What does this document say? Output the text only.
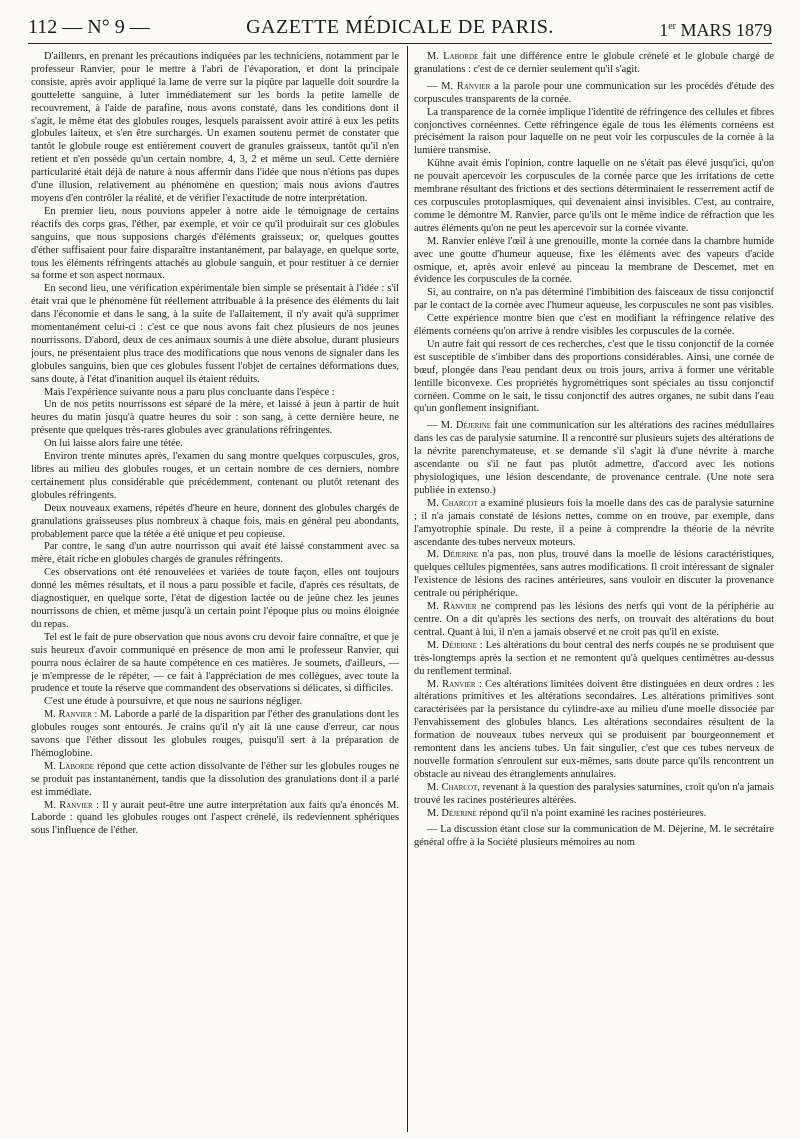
112 — N° 9 —	GAZETTE MÉDICALE DE PARIS.	1er MARS 1879

D'ailleurs, en prenant les précautions indiquées par les techniciens, notamment par le professeur Ranvier, pour le mettre à l'abri de l'évaporation, et dont la principale consiste, après avoir appliqué la lame de verre sur la piqûre par laquelle doit sourdre la gouttelette sanguine, à luter immédiatement sur les bords la petite lamelle de recouvrement, à l'aide de parafine, nous avons constaté, dans les conditions dont il s'agit, le même état des globules rouges, lesquels paraissent avoir attiré à eux les petits globules laiteux, et s'en être surchargés. Un examen soutenu permet de constater que tantôt le globule rouge est entièrement couvert de granules graisseux, tantôt qu'il n'en retient et n'en possède qu'un certain nombre, 4, 3, 2 et même un seul. Cette dernière particularité était déjà de nature à nous affermir dans l'idée que nous n'étions pas dupes d'une illusion, relativement au phénomène en question; mais nous avions d'autres moyens d'en contrôler la réalité, et de vérifier l'exactitude de notre interprétation.

En premier lieu, nous pouvions appeler à notre aide le témoignage de certains réactifs des corps gras, l'éther, par exemple, et voir ce qu'il produirait sur ces globules sanguins, que nous supposions chargés d'éléments graisseux; or, quelques gouttes d'éther suffisaient pour faire disparaître instantanément, par balayage, en quelque sorte, tous les éléments réfringents attachés au globule sanguin, et pour restituer à ce dernier sa forme et son aspect normaux.

En second lieu, une vérification expérimentale bien simple se présentait à l'idée : s'il était vrai que le phénomène fût réellement attribuable à la présence des éléments du lait dans l'économie et dans le sang, à la suite de l'allaitement, il n'y avait qu'à supprimer momentanément celui-ci : c'est ce que nous avons fait chez plusieurs de nos jeunes nourrissons. D'abord, deux de ces animaux soumis à une diète absolue, durant plusieurs jours, ne présentaient plus trace des modifications que nous venons de signaler dans les globules sanguins, bien que ces globules fussent l'objet de certaines déformations dues, sans doute, à l'état d'inanition auquel ils étaient réduits.

Mais l'expérience suivante nous a paru plus concluante dans l'espèce :

Un de nos petits nourrissons est séparé de la mère, et laissé à jeun à partir de huit heures du matin jusqu'à quatre heures du soir : son sang, à cette dernière heure, ne présente que quelques très-rares globules avec granulations réfringentes.

On lui laisse alors faire une tétée.

Environ trente minutes après, l'examen du sang montre quelques corpuscules, gros, libres au milieu des globules rouges, et un certain nombre de ces derniers, nombre certainement plus considérable que précédemment, contenant ou plutôt retenant des globules réfringents.

Deux nouveaux examens, répétés d'heure en heure, donnent des globules chargés de granulations graisseuses plus nombreux à chaque fois, mais en général peu abondants, probablement parce que la tétée a été unique et peu copieuse.

Par contre, le sang d'un autre nourrisson qui avait été laissé constamment avec sa mère, était riche en globules chargés de granules réfringents.

Ces observations ont été renouvelées et variées de toute façon, elles ont toujours donné les mêmes résultats, et il nous a paru possible et facile, d'après ces résultats, de diagnostiquer, en quelque sorte, l'état de digestion lactée ou de jeûne chez les jeunes nourrissons de chien, et même jusqu'à un certain point l'époque plus ou moins éloignée du repas.

Tel est le fait de pure observation que nous avons cru devoir faire connaître, et que je suis heureux d'avoir communiqué en présence de mon ami le professeur Ranvier, qui pourra nous éclairer de sa haute compétence en ces matières. Je soumets, d'ailleurs, — je m'empresse de le répéter, — ce fait à l'appréciation de mes collègues, avec toute la prudence et toute la réserve que commandent des observations si délicates, si difficiles.

C'est une étude à poursuivre, et que nous ne saurions négliger.

M. Ranvier : M. Laborde a parlé de la disparition par l'éther des granulations dont les globules rouges sont entourés. Je crains qu'il n'y ait là une cause d'erreur, car nous savons que l'éther dissout les globules rouges, puisqu'il sert à la préparation de l'hémoglobine.

M. Laborde répond que cette action dissolvante de l'éther sur les globules rouges ne se produit pas instantanément, tandis que la dissolution des granulations dont il a parlé est immédiate.

M. Ranvier : Il y aurait peut-être une autre interprétation aux faits qu'a énoncés M. Laborde : quand les globules rouges ont l'aspect crénelé, ils redeviennent sphériques sous l'influence de l'éther.

M. Laborde fait une différence entre le globule crénelé et le globule chargé de granulations : c'est de ce dernier seulement qu'il s'agit.

— M. Ranvier a la parole pour une communication sur les procédés d'étude des corpuscules transparents de la cornée.

La transparence de la cornée implique l'identité de réfringence des cellules et fibres conjonctives cornéennes. Cette réfringence égale de tous les éléments cornéens est précisément la raison pour laquelle on ne peut voir les corpuscules de la cornée à la lumière transmise.

Kühne avait émis l'opinion, contre laquelle on ne s'était pas élevé jusqu'ici, qu'on ne pouvait apercevoir les corpuscules de la cornée parce que les irritations de cette membrane résultant des frictions et des sections déterminaient le resserrement actif de ces corpuscules protoplasmiques, qui devenaient ainsi invisibles. C'est, au contraire, comme le démontre M. Ranvier, parce qu'ils ont le même indice de réfraction que les autres éléments qu'on ne peut les apercevoir sur la cornée vivante.

M. Ranvier enlève l'œil à une grenouille, monte la cornée dans la chambre humide avec une goutte d'humeur aqueuse, fixe les éléments avec des vapeurs d'acide osmique, et, après avoir enlevé au pinceau la membrane de Descemet, met en évidence les corpuscules de la cornée.

Si, au contraire, on n'a pas déterminé l'imbibition des faisceaux de tissu conjonctif par le contact de la cornée avec l'humeur aqueuse, les corpuscules ne sont pas visibles.

Cette expérience montre bien que c'est en modifiant la réfringence relative des éléments cornéens qu'on arrive à rendre visibles les corpuscules de la cornée.

Un autre fait qui ressort de ces recherches, c'est que le tissu conjonctif de la cornée est susceptible de s'imbiber dans des proportions considérables. Ainsi, une cornée de bœuf, plongée dans l'eau pendant deux ou trois jours, arriva à former une véritable lentille biconvexe. Ces propriétés hygrométriques sont spéciales au tissu conjonctif cornéen. Comme on le sait, le tissu conjonctif des autres organes, ne subit dans l'eau qu'un gonflement insignifiant.

— M. Déjerine fait une communication sur les altérations des racines médullaires dans les cas de paralysie saturnine. Il a rencontré sur plusieurs sujets des altérations de la névrite parenchymateuse, et se demande s'il s'agit là d'une névrite à marche ascendante ou s'il ne faut pas plutôt admettre, d'accord avec les notions physiologiques, une lésion descendante, de provenance centrale. (Une note sera publiée in extenso.)

M. Charcot a examiné plusieurs fois la moelle dans des cas de paralysie saturnine ; il n'a jamais constaté de lésions nettes, comme on en trouve, par exemple, dans l'amyotrophie spinale. Du reste, il a peine à comprendre la théorie de la névrite ascendante des tubes nerveux moteurs.

M. Déjerine n'a pas, non plus, trouvé dans la moelle de lésions caractéristiques, quelques cellules pigmentées, sans autres modifications. Il croit intéressant de signaler l'existence de lésions des racines antérieures, sans vouloir en discuter la provenance centrale ou périphérique.

M. Ranvier ne comprend pas les lésions des nerfs qui vont de la périphérie au centre. On a dit qu'après les sections des nerfs, on trouvait des altérations du bout central. Quant à lui, il n'en a jamais observé et ne croit pas qu'il en existe.

M. Déjerine : Les altérations du bout central des nerfs coupés ne se produisent que très-longtemps après la section et ne remontent qu'à quelques centimètres au-dessus du renflement terminal.

M. Ranvier : Ces altérations limitées doivent être distinguées en deux ordres : les altérations primitives et les altérations secondaires. Les altérations primitives sont caractérisées par la persistance du cylindre-axe au milieu d'une moelle dissociée par l'envahissement des globules blancs. Les altérations secondaires résultent de la formation de nouveaux tubes nerveux qui se produisent par bourgeonnement et remontent dans les anciens tubes. Un fait singulier, c'est que ces tubes nerveux de nouvelle formation s'enroulent sur eux-mêmes, sans doute parce qu'ils rencontrent un obstacle au niveau des étranglements annulaires.

M. Charcot, revenant à la question des paralysies saturnines, croit qu'on n'a jamais trouvé les racines postérieures altérées.

M. Déjerine répond qu'il n'a point examiné les racines postérieures.

— La discussion étant close sur la communication de M. Déjerine, M. le secrétaire général offre à la Société plusieurs mémoires au nom
